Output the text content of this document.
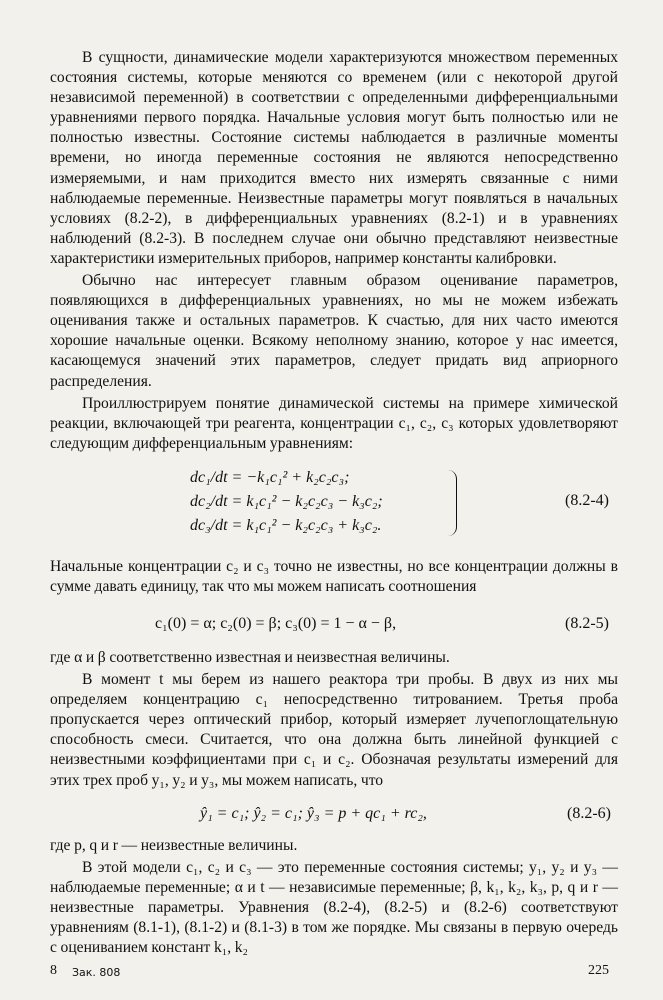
В сущности, динамические модели характеризуются множеством переменных состояния системы, которые меняются со временем (или с некоторой другой независимой переменной) в соответствии с определенными дифференциальными уравнениями первого порядка. Начальные условия могут быть полностью или не полностью известны. Состояние системы наблюдается в различные моменты времени, но иногда переменные состояния не являются непосредственно измеряемыми, и нам приходится вместо них измерять связанные с ними наблюдаемые переменные. Неизвестные параметры могут появляться в начальных условиях (8.2-2), в дифференциальных уравнениях (8.2-1) и в уравнениях наблюдений (8.2-3). В последнем случае они обычно представляют неизвестные характеристики измерительных приборов, например константы калибровки.

Обычно нас интересует главным образом оценивание параметров, появляющихся в дифференциальных уравнениях, но мы не можем избежать оценивания также и остальных параметров. К счастью, для них часто имеются хорошие начальные оценки. Всякому неполному знанию, которое у нас имеется, касающемуся значений этих параметров, следует придать вид априорного распределения.

Проиллюстрируем понятие динамической системы на примере химической реакции, включающей три реагента, концентрации c₁, c₂, c₃ которых удовлетворяют следующим дифференциальным уравнениям:

dc₁/dt = −k₁c₁² + k₂c₂c₃;
dc₂/dt = k₁c₁² − k₂c₂c₃ − k₃c₂;
dc₃/dt = k₁c₁² − k₂c₂c₃ + k₃c₂.
(8.2-4)

Начальные концентрации c₂ и c₃ точно не известны, но все концентрации должны в сумме давать единицу, так что мы можем написать соотношения

c₁(0) = α; c₂(0) = β; c₃(0) = 1 − α − β,	(8.2-5)

где α и β соответственно известная и неизвестная величины.

В момент t мы берем из нашего реактора три пробы. В двух из них мы определяем концентрацию c₁ непосредственно титрованием. Третья проба пропускается через оптический прибор, который измеряет лучепоглощательную способность смеси. Считается, что она должна быть линейной функцией с неизвестными коэффициентами при c₁ и c₂. Обозначая результаты измерений для этих трех проб y₁, y₂ и y₃, мы можем написать, что

ŷ₁ = c₁; ŷ₂ = c₁; ŷ₃ = p + qc₁ + rc₂,	(8.2-6)

где p, q и r — неизвестные величины.

В этой модели c₁, c₂ и c₃ — это переменные состояния системы; y₁, y₂ и y₃ — наблюдаемые переменные; α и t — независимые переменные; β, k₁, k₂, k₃, p, q и r — неизвестные параметры. Уравнения (8.2-4), (8.2-5) и (8.2-6) соответствуют уравнениям (8.1-1), (8.1-2) и (8.1-3) в том же порядке. Мы связаны в первую очередь с оцениванием констант k₁, k₂

8 Зак. 808	225
